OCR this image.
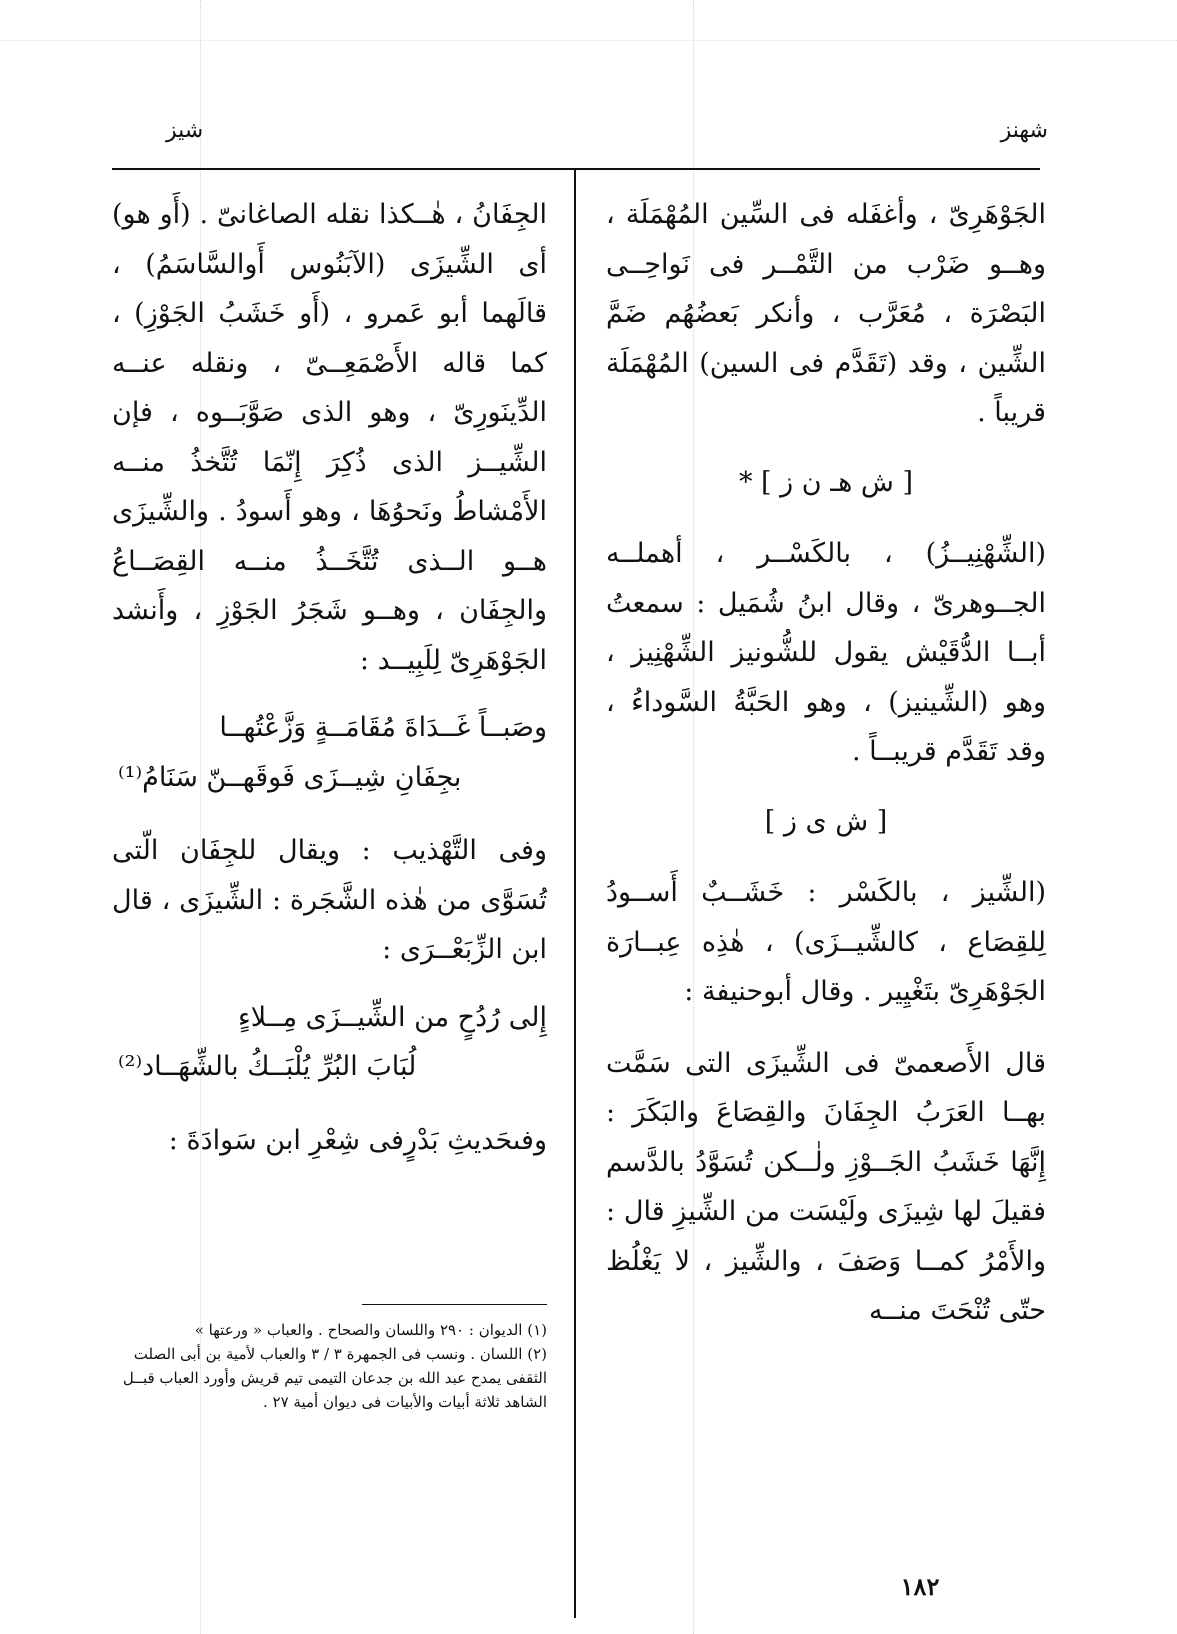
شهنز
شيز

الجَوْهَرِىّ ، وأغفَله فى السِّين المُهْمَلَة ، وهــو ضَرْب من التَّمْــر فى نَواحِــى البَصْرَة ، مُعَرَّب ، وأنكر بَعضُهُم ضَمَّ الشِّين ، وقد (تَقَدَّم فى السين) المُهْمَلَة قريباً .

[ ش هـ ن ز ] *

(الشِّهْنِيــزُ) ، بالكَسْــر ، أهملــه الجــوهرىّ ، وقال ابنُ شُمَيل : سمعتُ أبــا الدُّقَيْش يقول للشُّونيز الشِّهْنِيز ، وهو (الشِّينيز) ، وهو الحَبَّةُ السَّوداءُ ، وقد تَقَدَّم قريبــاً .

[ ش ى ز ]

(الشِّيز ، بالكَسْر : خَشَــبٌ أَســودُ لِلقِصَاع ، كالشِّيــزَى) ، هٰذِه عِبــارَة الجَوْهَرِىّ بتَغْيِير . وقال أبوحنيفة :

قال الأَصعمىّ فى الشِّيزَى التى سَمَّت بهــا العَرَبُ الجِفَانَ والقِصَاعَ والبَكَرَ : إِنَّهَا خَشَبُ الجَــوْزِ ولٰــكن تُسَوَّدُ بالدَّسم فقيلَ لها شِيزَى ولَيْسَت من الشِّيزِ قال : والأَمْرُ كمــا وَصَفَ ، والشِّيز ، لا يَغْلُظ حتّى تُنْحَتَ منــه

الجِفَانُ ، هٰــكذا نقله الصاغانىّ . (أَو هو) أى الشِّيزَى (الآبَنُوس أَوالسَّاسَمُ) ، قالَهما أبو عَمرو ، (أَو خَشَبُ الجَوْزِ) ، كما قاله الأَصْمَعِــىّ ، ونقله عنــه الدِّينَورِىّ ، وهو الذى صَوَّبَــوه ، فإن الشِّيــز الذى ذُكِرَ إِنّمَا تُتَّخذُ منــه الأَمْشاطُ ونَحوُهَا ، وهو أَسودُ . والشِّيزَى هــو الــذى تُتَّخَــذُ منــه القِصَــاعُ والجِفَان ، وهــو شَجَرُ الجَوْزِ ، وأَنشد الجَوْهَرِىّ لِلَبِيــد :

وصَبــاً غَــدَاةَ مُقَامَــةٍ وَزَّعْتُهــا
بجِفَانِ شِيــزَى فَوقَهــنّ سَنَامُ⁽¹⁾

وفى التَّهْذيب : ويقال للجِفَان الّتى تُسَوَّى من هٰذه الشَّجَرة : الشِّيزَى ، قال ابن الزِّبَعْــرَى :

إِلى رُدُحٍ من الشِّيــزَى مِــلاءٍ
لُبَابَ البُرِّ يُلْبَــكُ بالشِّهَــاد⁽²⁾

وفىحَديثِ بَدْرٍفى شِعْرِ ابن سَوادَةَ :

(١) الديوان : ٢٩٠ واللسان والصحاح . والعباب « ورعتها »

(٢) اللسان . ونسب فى الجمهرة ٣ / ٣ والعباب لأمية بن أبى الصلت الثقفى يمدح عبد الله بن جدعان التيمى تيم قريش وأورد العباب قبــل الشاهد ثلاثة أبيات والأبيات فى ديوان أمية ٢٧ .

١٨٢
